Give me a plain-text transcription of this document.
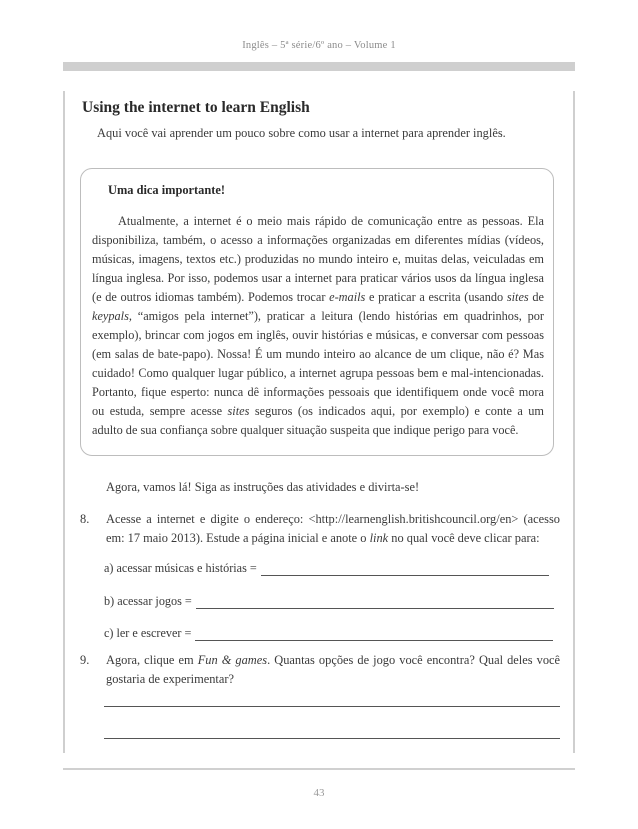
Inglês – 5ª série/6º ano – Volume 1
Using the internet to learn English
Aqui você vai aprender um pouco sobre como usar a internet para aprender inglês.
Uma dica importante!

Atualmente, a internet é o meio mais rápido de comunicação entre as pessoas. Ela disponibiliza, também, o acesso a informações organizadas em diferentes mídias (vídeos, músicas, imagens, textos etc.) produzidas no mundo inteiro e, muitas delas, veiculadas em língua inglesa. Por isso, podemos usar a internet para praticar vários usos da língua inglesa (e de outros idiomas também). Podemos trocar e-mails e praticar a escrita (usando sites de keypals, “amigos pela internet”), praticar a leitura (lendo histórias em quadrinhos, por exemplo), brincar com jogos em inglês, ouvir histórias e músicas, e conversar com pessoas (em salas de bate-papo). Nossa! É um mundo inteiro ao alcance de um clique, não é? Mas cuidado! Como qualquer lugar público, a internet agrupa pessoas bem e mal-intencionadas. Portanto, fique esperto: nunca dê informações pessoais que identifiquem onde você mora ou estuda, sempre acesse sites seguros (os indicados aqui, por exemplo) e conte a um adulto de sua confiança sobre qualquer situação suspeita que indique perigo para você.

Agora, vamos lá! Siga as instruções das atividades e divirta-se!
8. Acesse a internet e digite o endereço: <http://learnenglish.britishcouncil.org/en> (acesso em: 17 maio 2013). Estude a página inicial e anote o link no qual você deve clicar para:
a) acessar músicas e histórias =
b) acessar jogos =
c) ler e escrever =
9. Agora, clique em Fun & games. Quantas opções de jogo você encontra? Qual deles você gostaria de experimentar?
43
